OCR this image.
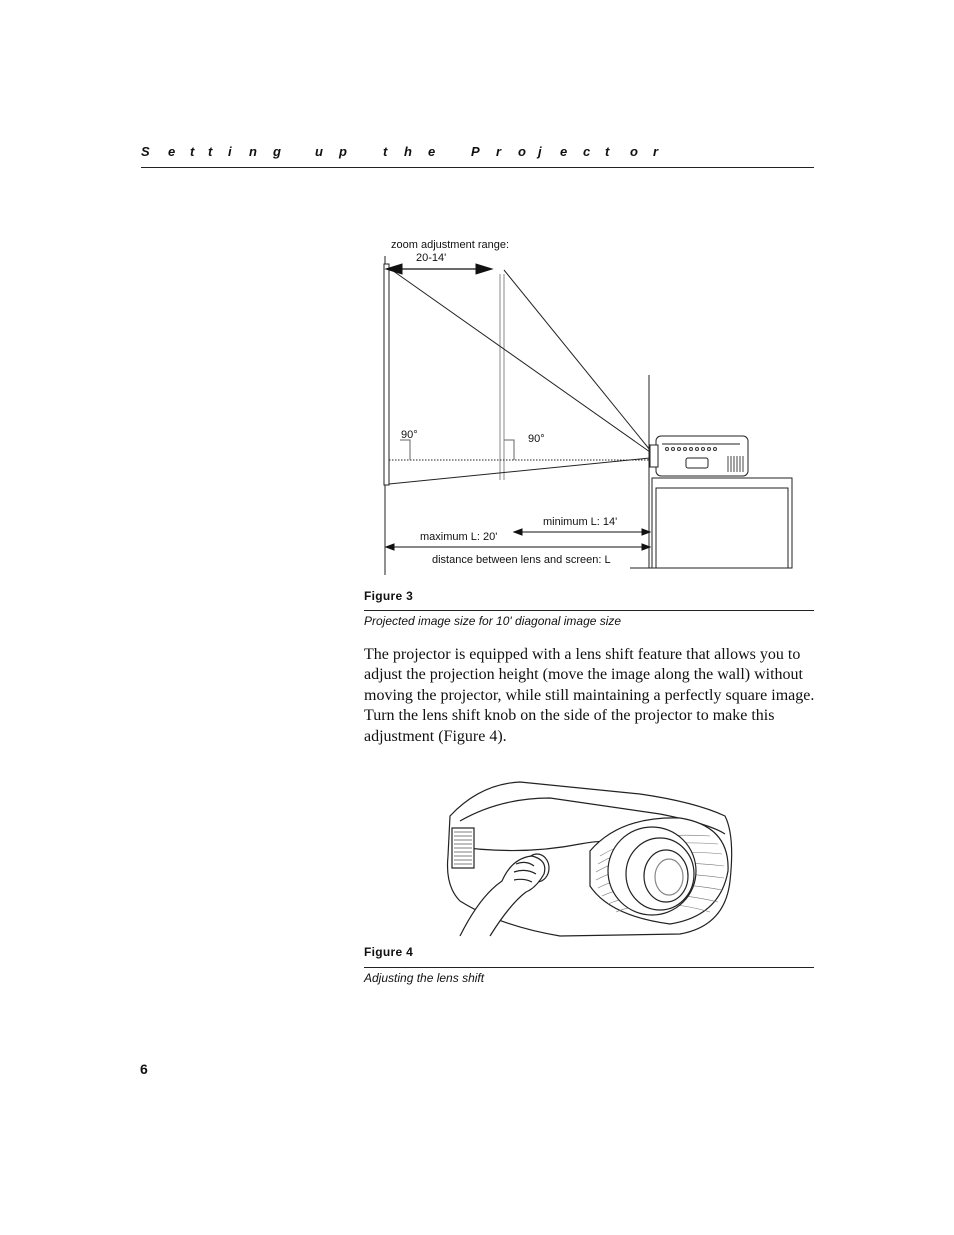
S e t t i n g	u p	t h e	P r o j e c t o r
zoom adjustment range:
20-14'
90°	90°
minimum L: 14'
maximum L: 20'
distance between lens and screen: L
Figure 3
Projected image size for 10' diagonal image size
The projector is equipped with a lens shift feature that allows you to adjust the projection height (move the image along the wall) without moving the projector, while still maintaining a perfectly square image. Turn the lens shift knob on the side of the projector to make this adjustment (Figure 4).
Figure 4
Adjusting the lens shift
6
